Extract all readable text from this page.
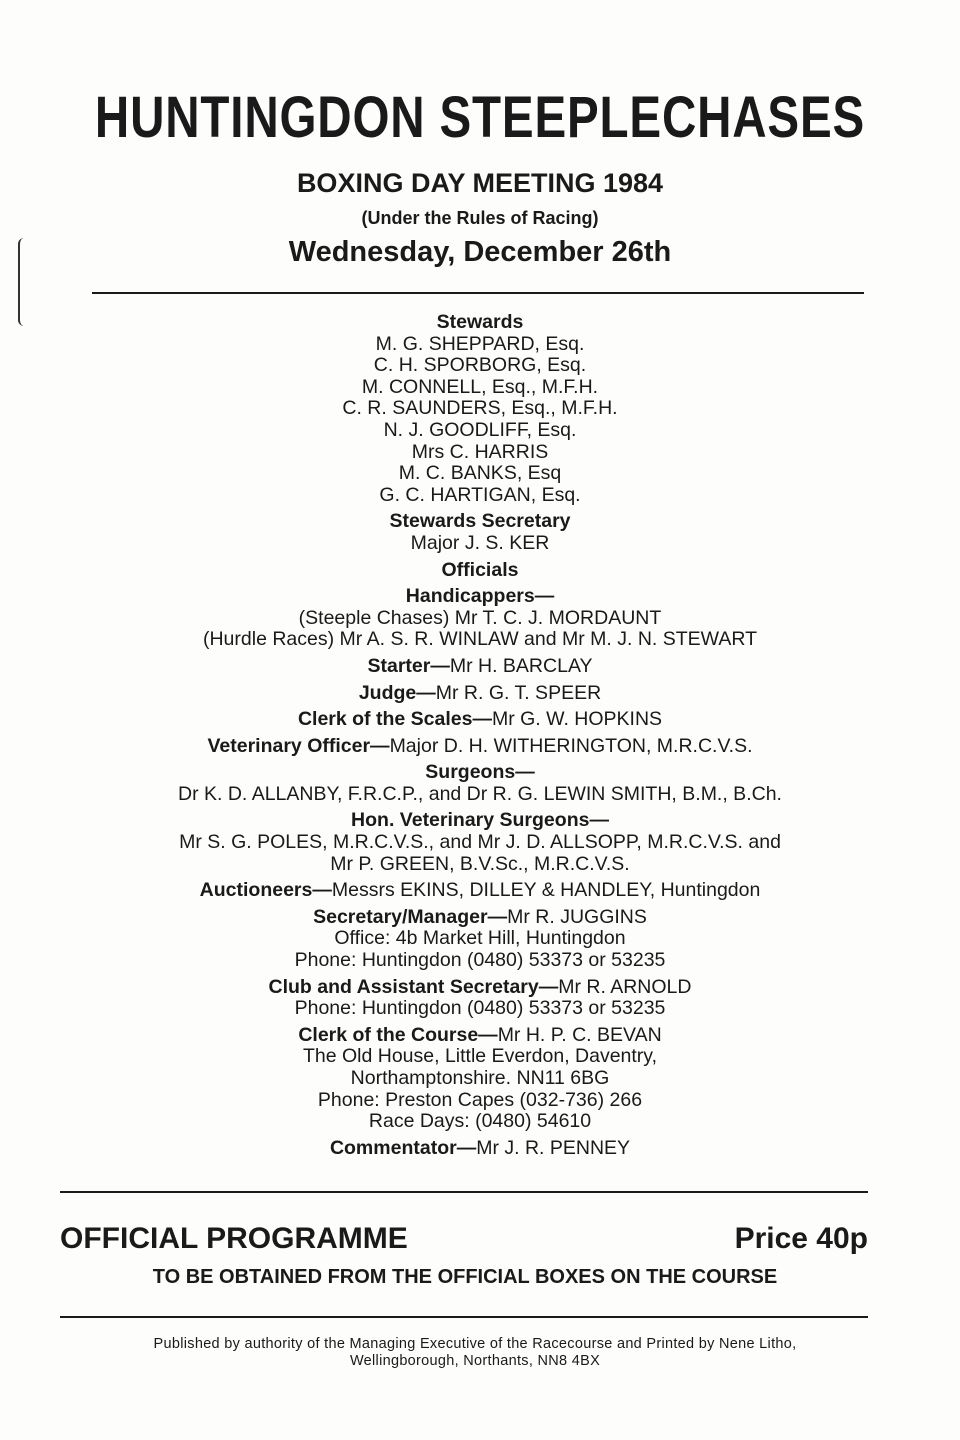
HUNTINGDON STEEPLECHASES
BOXING DAY MEETING 1984
(Under the Rules of Racing)
Wednesday, December 26th
Stewards
M. G. SHEPPARD, Esq.
C. H. SPORBORG, Esq.
M. CONNELL, Esq., M.F.H.
C. R. SAUNDERS, Esq., M.F.H.
N. J. GOODLIFF, Esq.
Mrs C. HARRIS
M. C. BANKS, Esq
G. C. HARTIGAN, Esq.
Stewards Secretary
Major J. S. KER
Officials
Handicappers—
(Steeple Chases) Mr T. C. J. MORDAUNT
(Hurdle Races) Mr A. S. R. WINLAW and Mr M. J. N. STEWART
Starter—Mr H. BARCLAY
Judge—Mr R. G. T. SPEER
Clerk of the Scales—Mr G. W. HOPKINS
Veterinary Officer—Major D. H. WITHERINGTON, M.R.C.V.S.
Surgeons—
Dr K. D. ALLANBY, F.R.C.P., and Dr R. G. LEWIN SMITH, B.M., B.Ch.
Hon. Veterinary Surgeons—
Mr S. G. POLES, M.R.C.V.S., and Mr J. D. ALLSOPP, M.R.C.V.S. and
Mr P. GREEN, B.V.Sc., M.R.C.V.S.
Auctioneers—Messrs EKINS, DILLEY & HANDLEY, Huntingdon
Secretary/Manager—Mr R. JUGGINS
Office: 4b Market Hill, Huntingdon
Phone: Huntingdon (0480) 53373 or 53235
Club and Assistant Secretary—Mr R. ARNOLD
Phone: Huntingdon (0480) 53373 or 53235
Clerk of the Course—Mr H. P. C. BEVAN
The Old House, Little Everdon, Daventry,
Northamptonshire. NN11 6BG
Phone: Preston Capes (032-736) 266
Race Days: (0480) 54610
Commentator—Mr J. R. PENNEY
OFFICIAL PROGRAMME	Price 40p
TO BE OBTAINED FROM THE OFFICIAL BOXES ON THE COURSE
Published by authority of the Managing Executive of the Racecourse and Printed by Nene Litho,
Wellingborough, Northants, NN8 4BX
